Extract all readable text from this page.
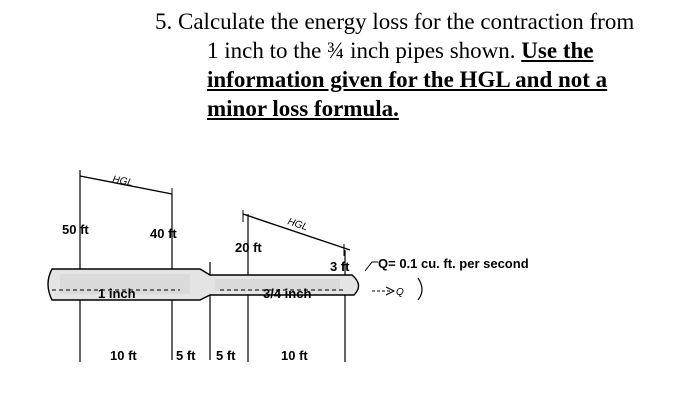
5. Calculate the energy loss for the contraction from
1 inch to the ¾ inch pipes shown. Use the
information given for the HGL and not a
minor loss formula.
HGL
HGL
50 ft	40 ft
20 ft
3 ft
1 inch	3/4 inch
Q= 0.1 cu. ft. per second
Q
10 ft	5 ft 5 ft	10 ft
